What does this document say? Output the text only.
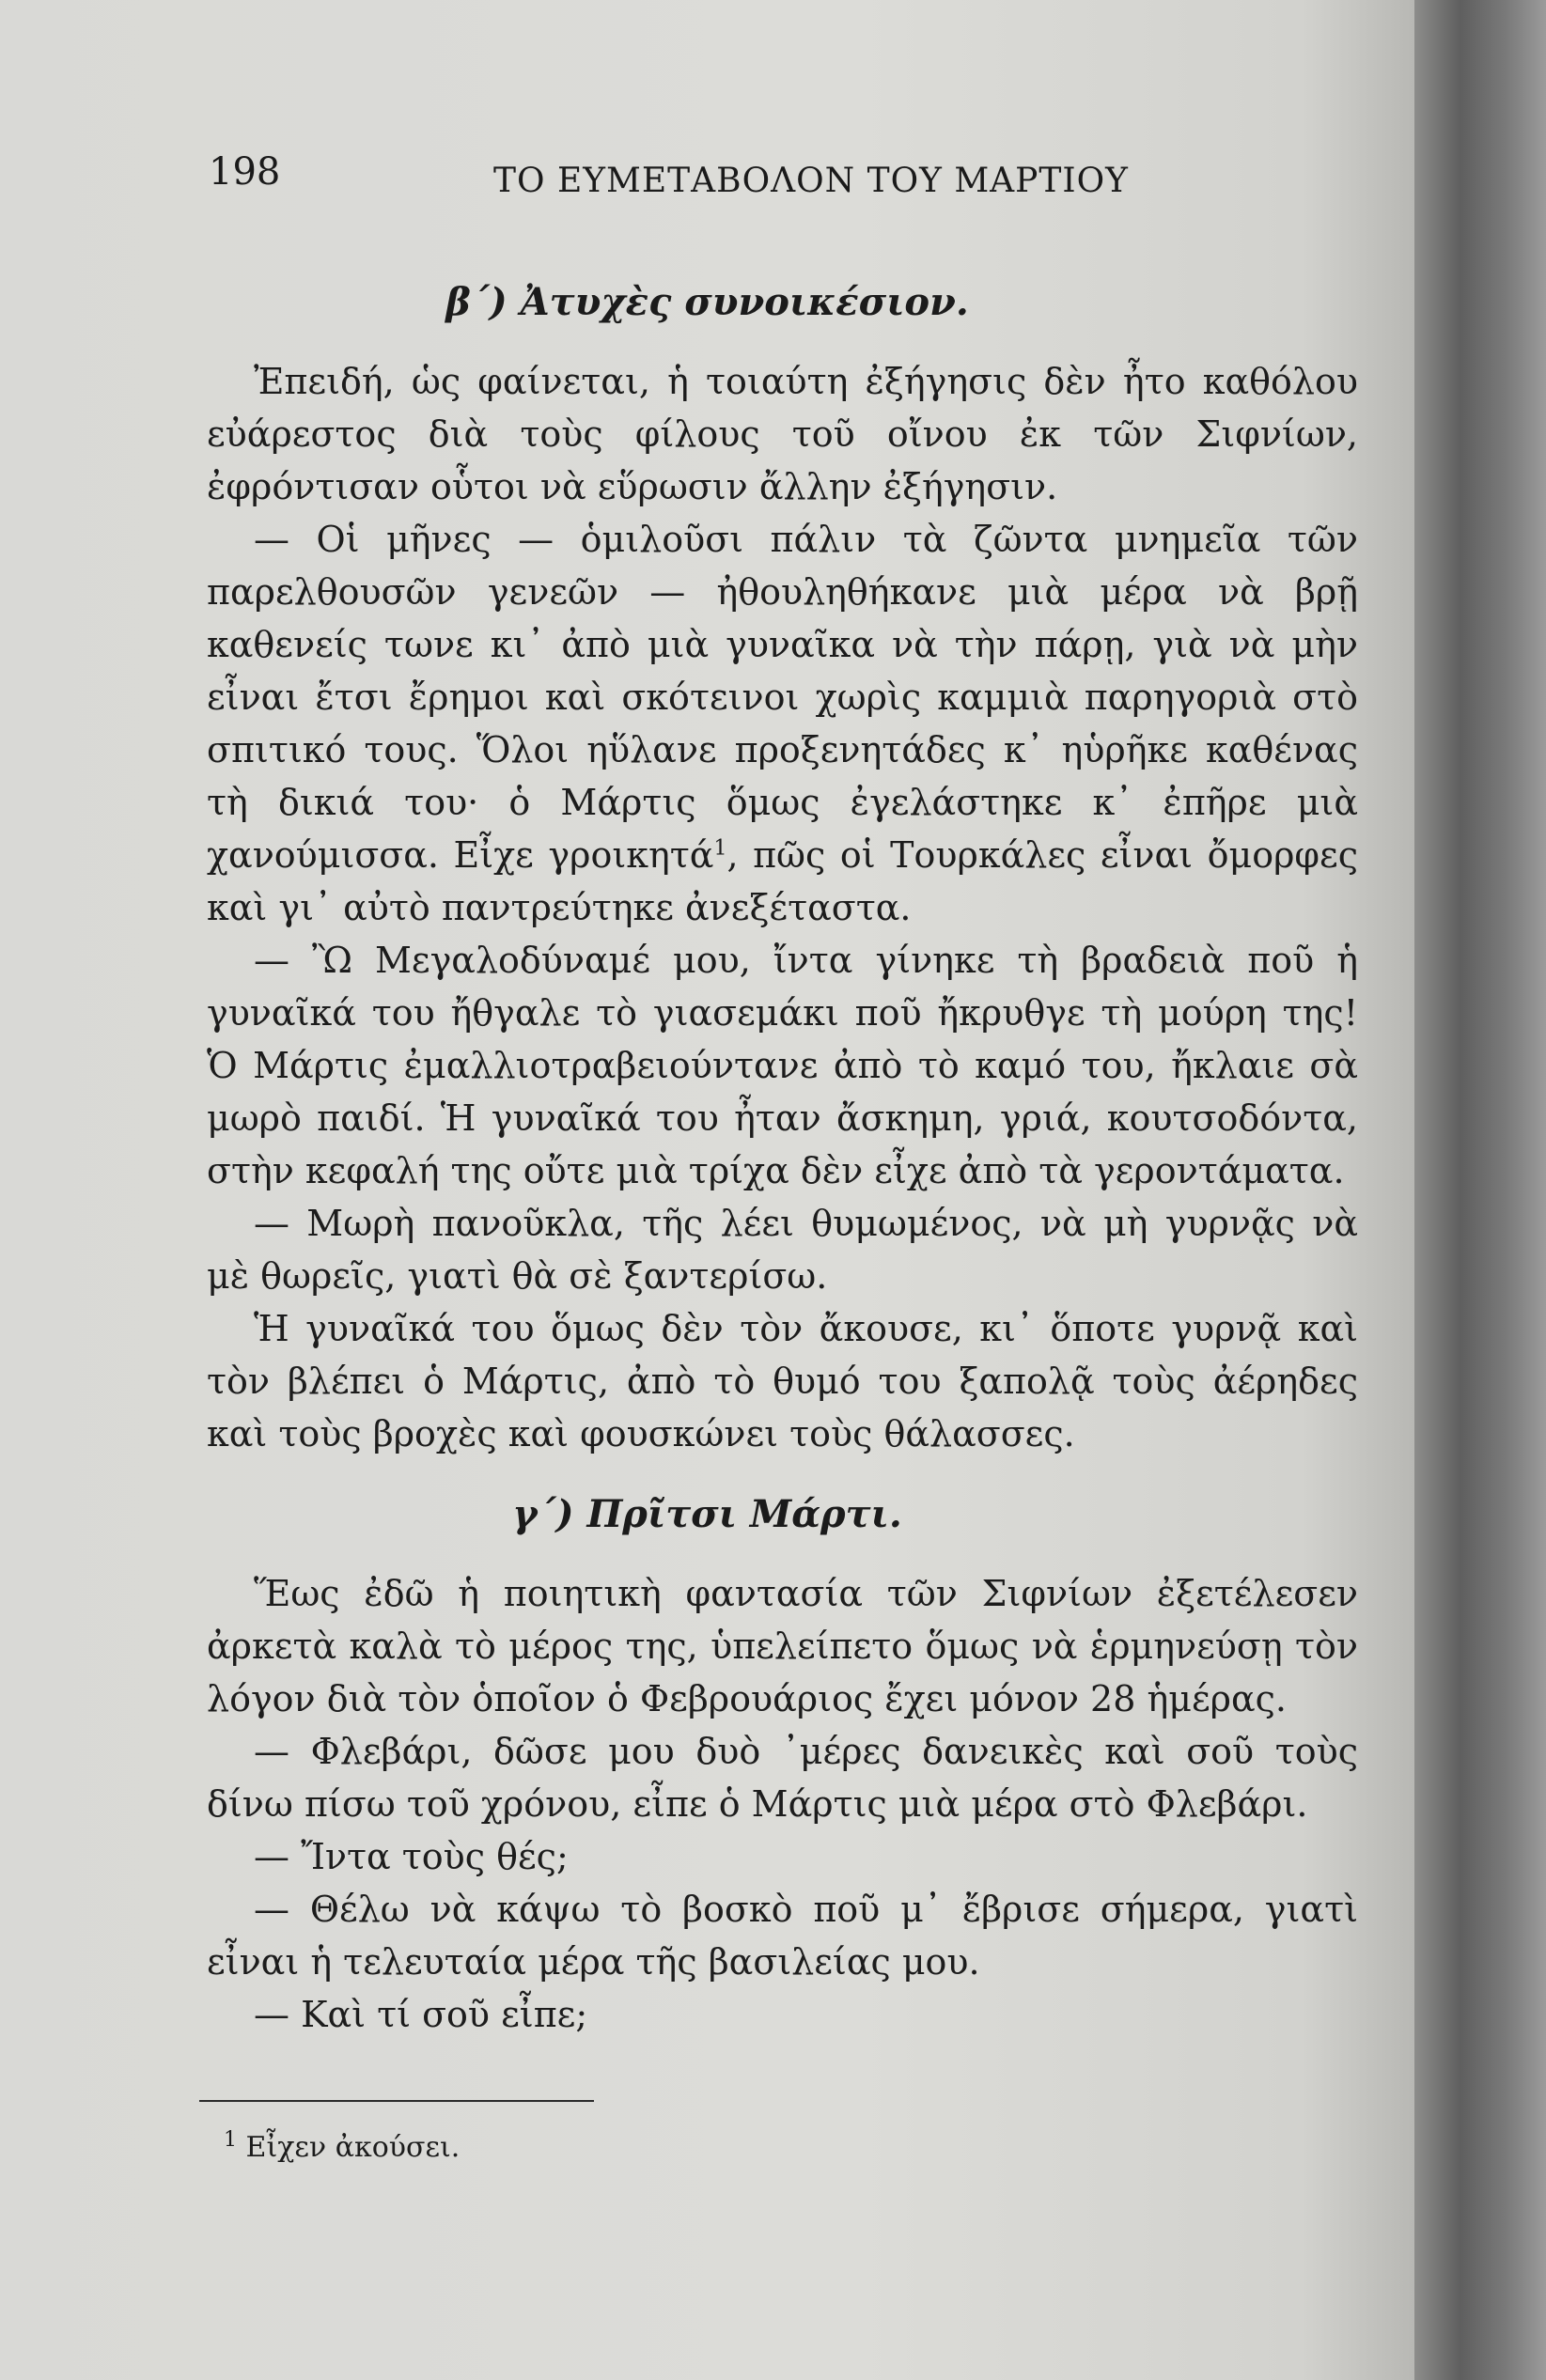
198	ΤΟ ΕΥΜΕΤΑΒΟΛΟΝ ΤΟΥ ΜΑΡΤΙΟΥ
β΄) Ἀτυχὲς συνοικέσιον.

Ἐπειδή, ὡς φαίνεται, ἡ τοιαύτη ἐξήγησις δὲν ἦτο καθόλου εὐάρεστος διὰ τοὺς φίλους τοῦ οἴνου ἐκ τῶν Σιφνίων, ἐφρόντισαν οὗτοι νὰ εὕρωσιν ἄλλην ἐξήγησιν.

— Οἱ μῆνες — ὁμιλοῦσι πάλιν τὰ ζῶντα μνημεῖα τῶν παρελθουσῶν γενεῶν — ἠθουληθήκανε μιὰ μέρα νὰ βρῇ καθενείς τωνε κι᾿ ἀπὸ μιὰ γυναῖκα νὰ τὴν πάρῃ, γιὰ νὰ μὴν εἶναι ἔτσι ἔρημοι καὶ σκότεινοι χωρὶς καμμιὰ παρηγοριὰ στὸ σπιτικό τους. Ὅλοι ηὕλανε προξενητάδες κ᾿ ηὑρῆκε καθένας τὴ δικιά του· ὁ Μάρτις ὅμως ἐγελάστηκε κ᾿ ἐπῆρε μιὰ χανούμισσα. Εἶχε γροικητά$^1$, πῶς οἱ Τουρκάλες εἶναι ὄμορφες καὶ γι᾿ αὐτὸ παντρεύτηκε ἀνεξέταστα.

— Ὢ Μεγαλοδύναμέ μου, ἴντα γίνηκε τὴ βραδειὰ ποῦ ἡ γυναῖκά του ἤθγαλε τὸ γιασεμάκι ποῦ ἤκρυθγε τὴ μούρη της! Ὁ Μάρτις ἐμαλλιοτραβειούντανε ἀπὸ τὸ καμό του, ἤκλαιε σὰ μωρὸ παιδί. Ἡ γυναῖκά του ἦταν ἄσκημη, γριά, κουτσοδόντα, στὴν κεφαλή της οὔτε μιὰ τρίχα δὲν εἶχε ἀπὸ τὰ γεροντάματα.

— Μωρὴ πανοῦκλα, τῆς λέει θυμωμένος, νὰ μὴ γυρνᾷς νὰ μὲ θωρεῖς, γιατὶ θὰ σὲ ξαντερίσω.

Ἡ γυναῖκά του ὅμως δὲν τὸν ἄκουσε, κι᾿ ὅποτε γυρνᾷ καὶ τὸν βλέπει ὁ Μάρτις, ἀπὸ τὸ θυμό του ξαπολᾷ τοὺς ἀέρηδες καὶ τοὺς βροχὲς καὶ φουσκώνει τοὺς θάλασσες.

γ΄) Πρῖτσι Μάρτι.

Ἕως ἐδῶ ἡ ποιητικὴ φαντασία τῶν Σιφνίων ἐξετέλεσεν ἀρκετὰ καλὰ τὸ μέρος της, ὑπελείπετο ὅμως νὰ ἑρμηνεύσῃ τὸν λόγον διὰ τὸν ὁποῖον ὁ Φεβρουάριος ἔχει μόνον 28 ἡμέρας.

— Φλεβάρι, δῶσε μου δυὸ ᾿μέρες δανεικὲς καὶ σοῦ τοὺς δίνω πίσω τοῦ χρόνου, εἶπε ὁ Μάρτις μιὰ μέρα στὸ Φλεβάρι.

— Ἴντα τοὺς θές;

— Θέλω νὰ κάψω τὸ βοσκὸ ποῦ μ᾿ ἔβρισε σήμερα, γιατὶ εἶναι ἡ τελευταία μέρα τῆς βασιλείας μου.

— Καὶ τί σοῦ εἶπε;

$^1$ Εἶχεν ἀκούσει.
